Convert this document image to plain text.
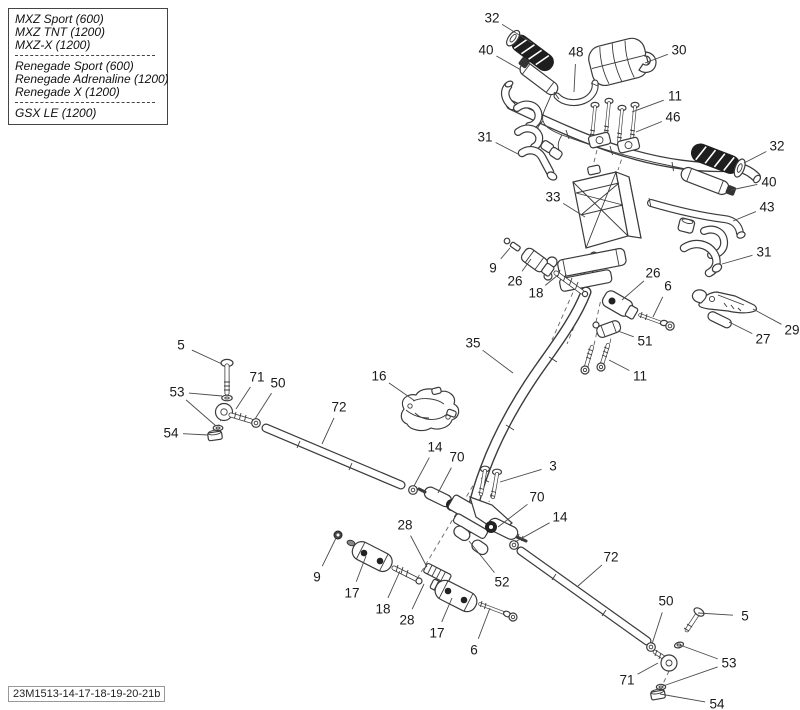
32
40	48	30
11
46
31
32
40
43
31
33
9
26
18
26
6
29
27
51
11
35
16
5
53
71 50
54
72
14
70
3
70
14
28
52
9
17
18
28
17
6
72
50
5
71
53
54
MXZ Sport (600)
MXZ TNT (1200)
MXZ-X (1200)
Renegade Sport (600)
Renegade Adrenaline (1200)
Renegade X (1200)
GSX LE (1200)
23M1513-14-17-18-19-20-21b
